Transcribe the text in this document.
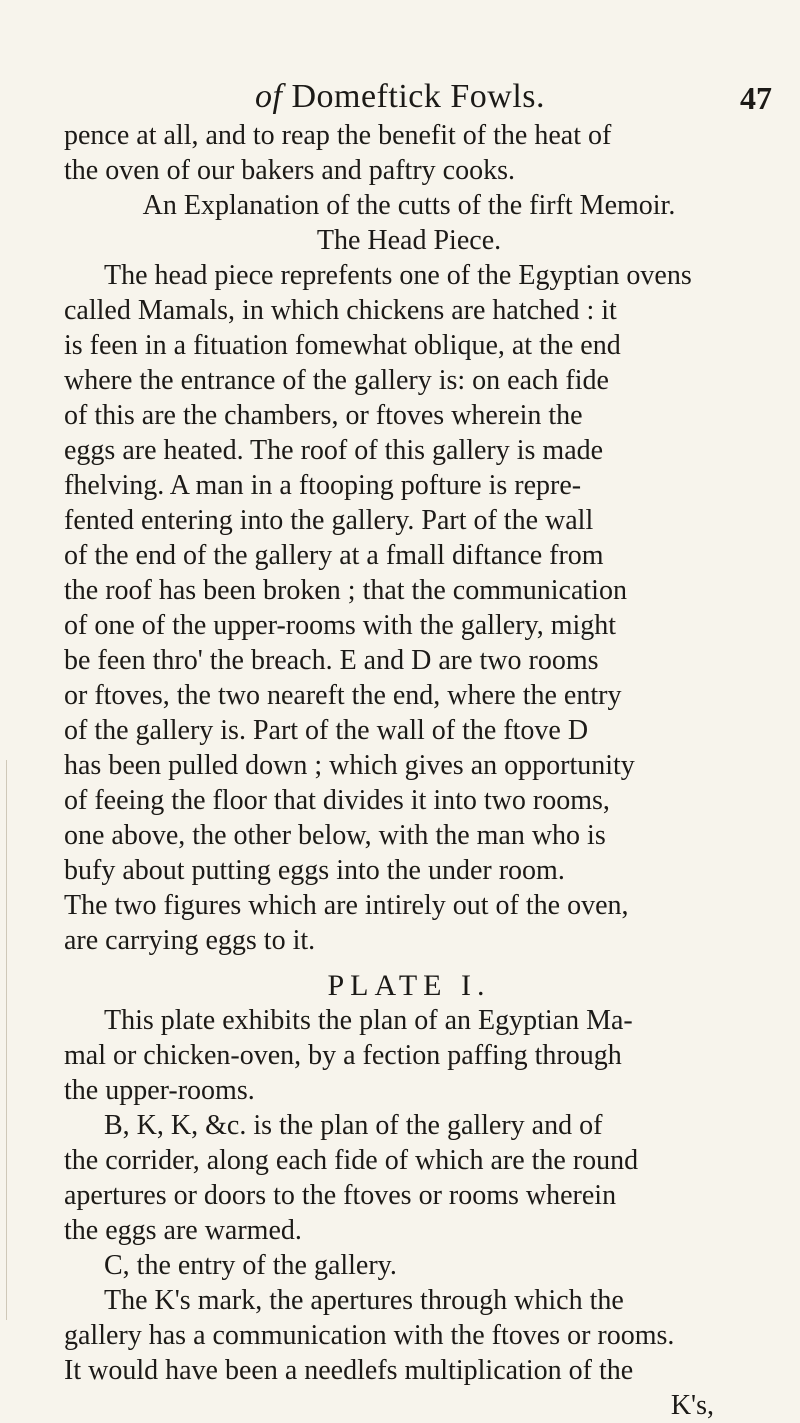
of Domeftick Fowls.	47
pence at all, and to reap the benefit of the heat of
the oven of our bakers and paftry cooks.
An Explanation of the cutts of the firft Memoir.
The Head Piece.
The head piece reprefents one of the Egyptian ovens
called Mamals, in which chickens are hatched : it
is feen in a fituation fomewhat oblique, at the end
where the entrance of the gallery is: on each fide
of this are the chambers, or ftoves wherein the
eggs are heated. The roof of this gallery is made
fhelving. A man in a ftooping pofture is repre-
fented entering into the gallery. Part of the wall
of the end of the gallery at a fmall diftance from
the roof has been broken ; that the communication
of one of the upper-rooms with the gallery, might
be feen thro' the breach. E and D are two rooms
or ftoves, the two neareft the end, where the entry
of the gallery is. Part of the wall of the ftove D
has been pulled down ; which gives an opportunity
of feeing the floor that divides it into two rooms,
one above, the other below, with the man who is
bufy about putting eggs into the under room.
The two figures which are intirely out of the oven,
are carrying eggs to it.
PLATE I.
This plate exhibits the plan of an Egyptian Ma-
mal or chicken-oven, by a fection paffing through
the upper-rooms.
B, K, K, &c. is the plan of the gallery and of
the corrider, along each fide of which are the round
apertures or doors to the ftoves or rooms wherein
the eggs are warmed.
C, the entry of the gallery.
The K's mark, the apertures through which the
gallery has a communication with the ftoves or rooms.
It would have been a needlefs multiplication of the
K's,
